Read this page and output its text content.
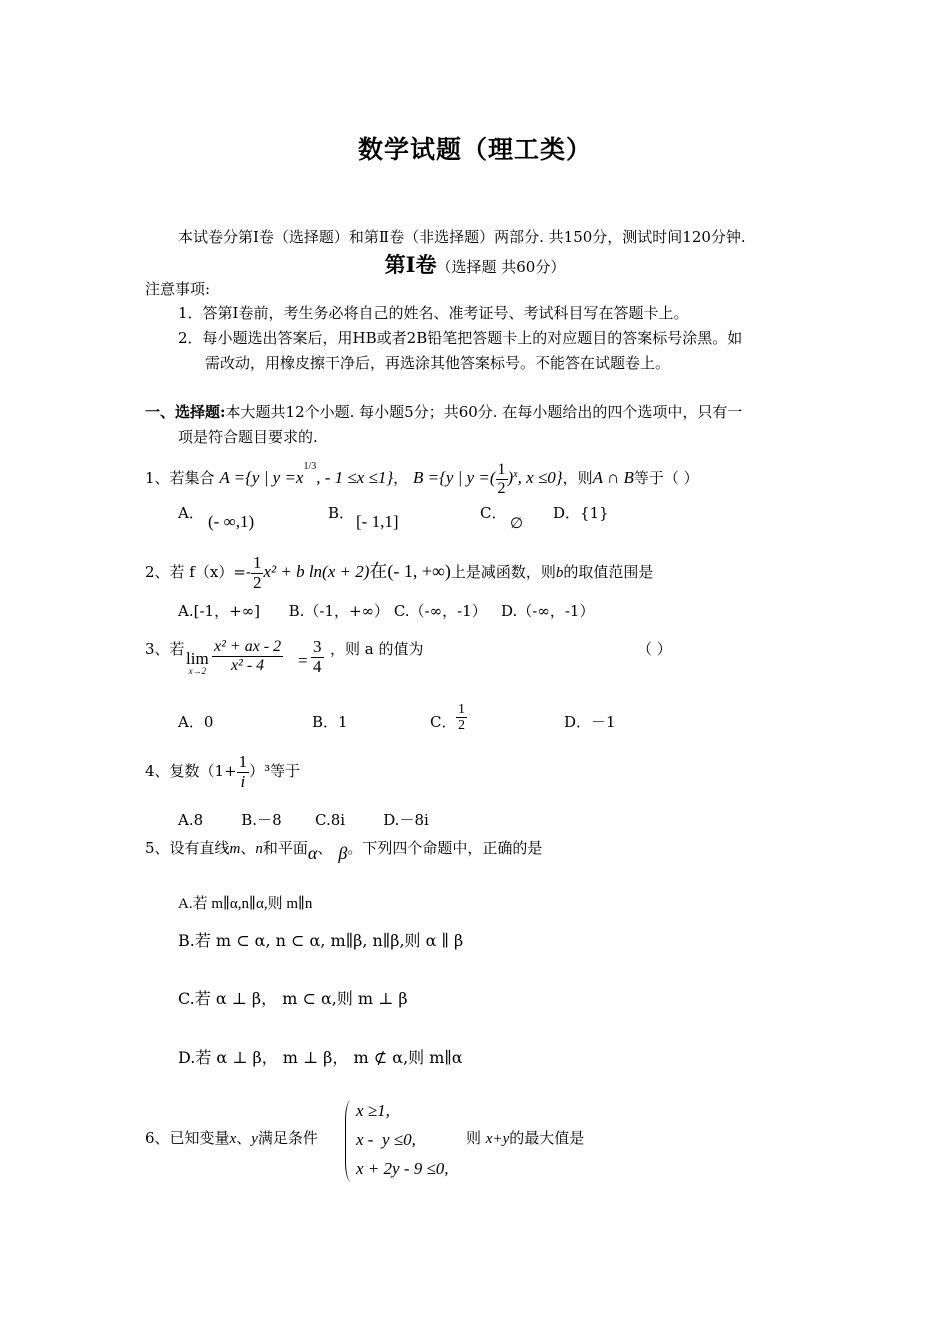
数学试题（理工类）
本试卷分第Ⅰ卷（选择题）和第Ⅱ卷（非选择题）两部分. 共150分，测试时间120分钟.
第Ⅰ卷（选择题 共60分）
注意事项:
1．答第Ⅰ卷前，考生务必将自己的姓名、准考证号、考试科目写在答题卡上。
2．每小题选出答案后，用HB或者2B铅笔把答题卡上的对应题目的答案标号涂黑。如
需改动，用橡皮擦干净后，再选涂其他答案标号。不能答在试题卷上。
一、选择题:本大题共12个小题. 每小题5分；共60分. 在每小题给出的四个选项中，只有一
项是符合题目要求的.
1、若集合 A ={y | $y =x^{1/3}$, - 1 ≤x ≤1}， B ={y | y =( $\frac{1}{2} )^x$, x ≤0}，则A ∩ B等于（ ）
A． (- ∞,1)	B． [- 1,1]	C．
∅
D．{1}
2、若 $f(x)=- \frac{1}{2} x^2 + b$ ln(x + 2)在(- 1, +∞)上是减函数，则b的取值范围是
A.[-1，+∞]      B.（-1，+∞） C.（-∞，-1）   D.（-∞，-1）
3、若 lim
$x\to 2 \frac{\text{x² + ax - 2}}{\text{x² - 4}} = \frac{3}{4}$ ，则 a 的值为	（ ）
A．0	B．1	C． $\frac{1}{2}$	D．－1
4、复数$(1+ \frac{1}{i} )^3$等于
A.8        B.－8       C.8i        D.－8i
5、设有直线m、n和平面α、 β。下列四个命题中，正确的是
A.若 m∥α,n∥α,则 m∥n
B.若 m ⊂ α, n ⊂ α, m∥β, n∥β,则 α ∥ β
C.若 α ⊥ β， m ⊂ α,则 m ⊥ β
D.若 α ⊥ β， m ⊥ β， m ⊄ α,则 m∥α
6、已知变量x、y满足条件
x ≥1,
x -  y ≤0,
x + 2y - 9 ≤0,
则 x+y的最大值是
